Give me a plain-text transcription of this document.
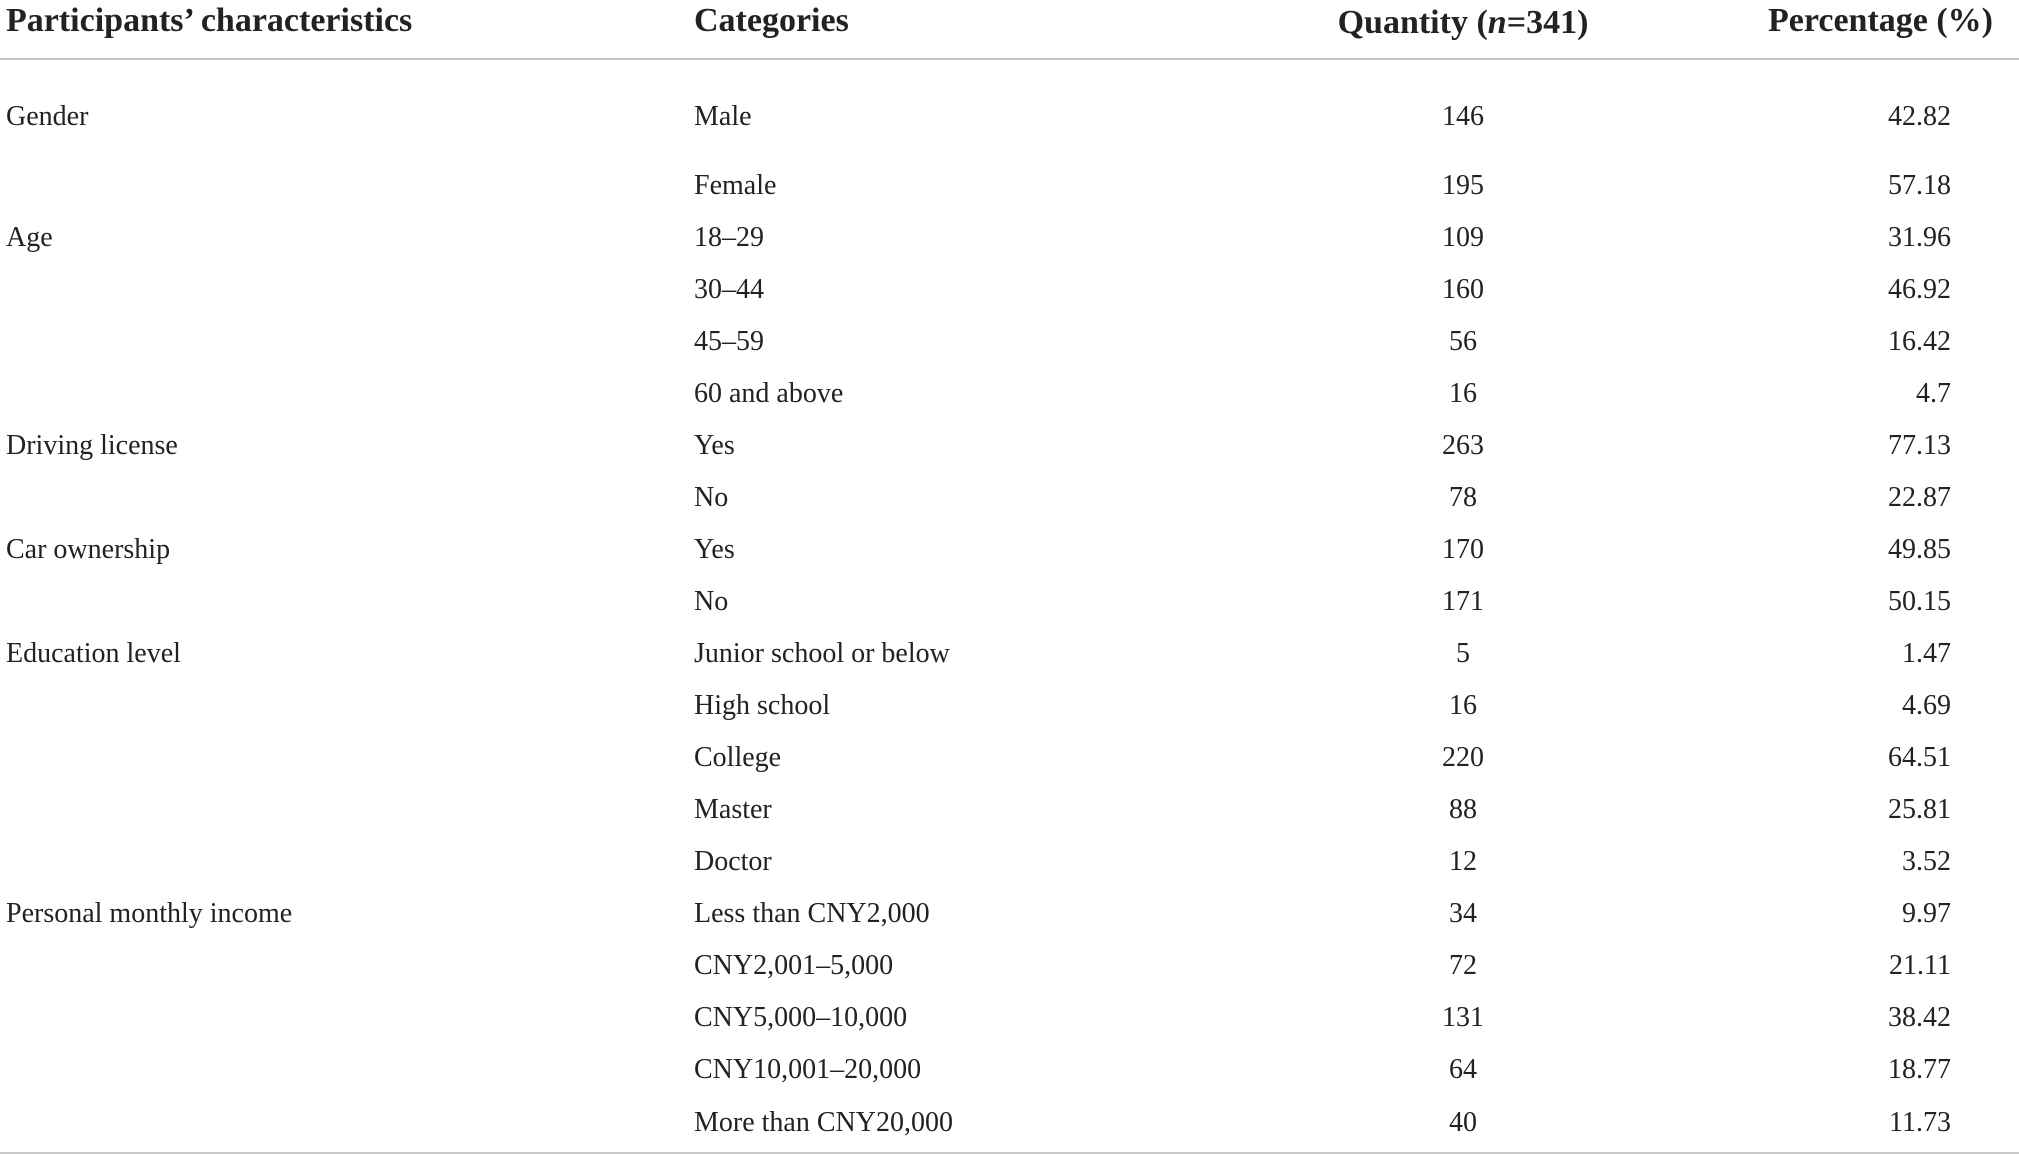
Participants’ characteristics	Categories	Quantity (n=341)	Percentage (%)
Gender	Male	146	42.82
	Female	195	57.18
Age	18–29	109	31.96
	30–44	160	46.92
	45–59	56	16.42
	60 and above	16	4.7
Driving license	Yes	263	77.13
	No	78	22.87
Car ownership	Yes	170	49.85
	No	171	50.15
Education level	Junior school or below	5	1.47
	High school	16	4.69
	College	220	64.51
	Master	88	25.81
	Doctor	12	3.52
Personal monthly income	Less than CNY2,000	34	9.97
	CNY2,001–5,000	72	21.11
	CNY5,000–10,000	131	38.42
	CNY10,001–20,000	64	18.77
	More than CNY20,000	40	11.73
